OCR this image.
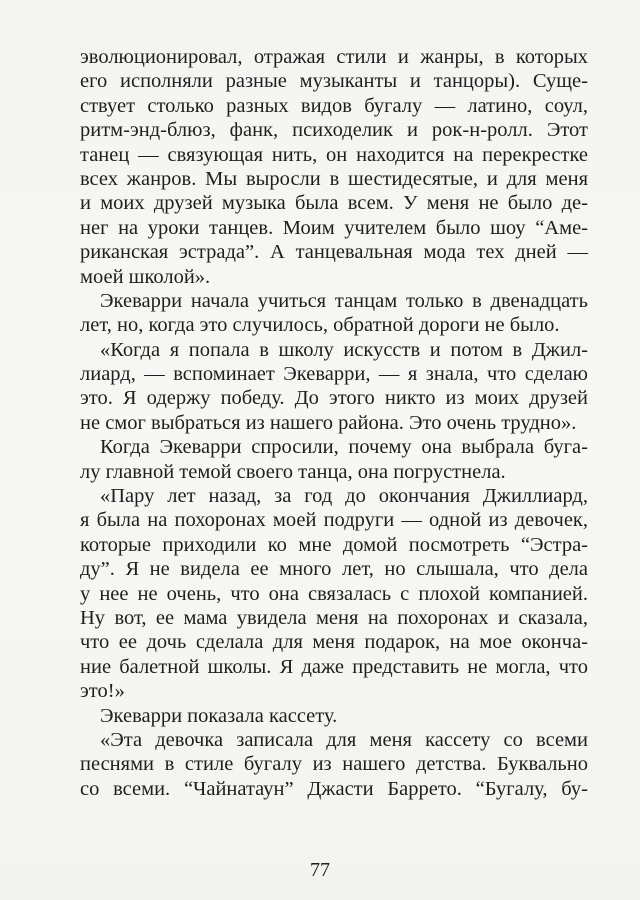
эволюционировал, отражая стили и жанры, в которых
его исполняли разные музыканты и танцоры). Суще-
ствует столько разных видов бугалу — латино, соул,
ритм-энд-блюз, фанк, психоделик и рок-н-ролл. Этот
танец — связующая нить, он находится на перекрестке
всех жанров. Мы выросли в шестидесятые, и для меня
и моих друзей музыка была всем. У меня не было де-
нег на уроки танцев. Моим учителем было шоу “Аме-
риканская эстрада”. А танцевальная мода тех дней —
моей школой».
Экеварри начала учиться танцам только в двенадцать
лет, но, когда это случилось, обратной дороги не было.
«Когда я попала в школу искусств и потом в Джил-
лиард, — вспоминает Экеварри, — я знала, что сделаю
это. Я одержу победу. До этого никто из моих друзей
не смог выбраться из нашего района. Это очень трудно».
Когда Экеварри спросили, почему она выбрала бугa-
лу главной темой своего танца, она погрустнела.
«Пару лет назад, за год до окончания Джиллиард,
я была на похоронах моей подруги — одной из девочек,
которые приходили ко мне домой посмотреть “Эстра-
ду”. Я не видела ее много лет, но слышала, что дела
у нее не очень, что она связалась с плохой компанией.
Ну вот, ее мама увидела меня на похоронах и сказала,
что ее дочь сделала для меня подарок, на мое оконча-
ние балетной школы. Я даже представить не могла, что
это!»
Экеварри показала кассету.
«Эта девочка записала для меня кассету со всеми
песнями в стиле бугалу из нашего детства. Буквально
со всеми. “Чайнатаун” Джасти Баррето. “Бугалу, бу-
77
